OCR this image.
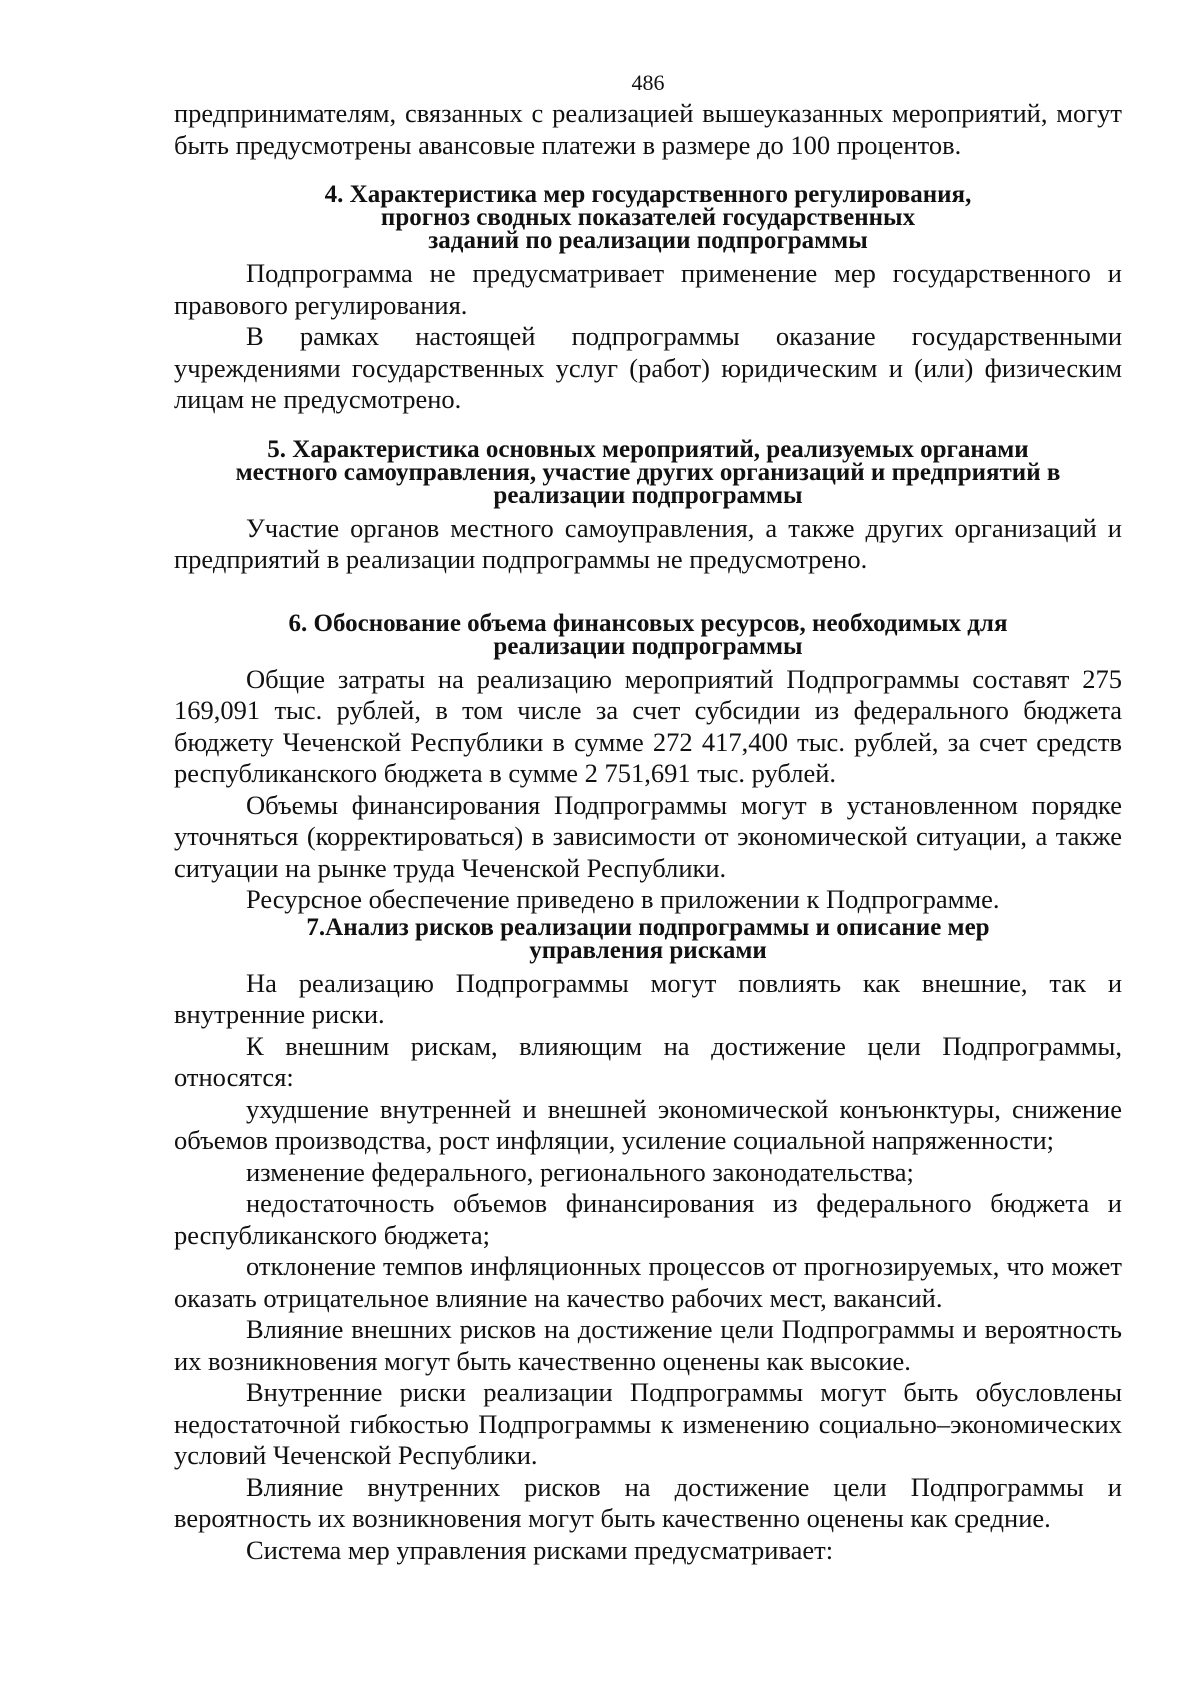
486

предпринимателям, связанных с реализацией вышеуказанных мероприятий, могут быть предусмотрены авансовые платежи в размере до 100 процентов.

4. Характеристика мер государственного регулирования,
прогноз сводных показателей государственных
заданий по реализации подпрограммы

Подпрограмма не предусматривает применение мер государственного и правового регулирования.

В рамках настоящей подпрограммы оказание государственными учреждениями государственных услуг (работ) юридическим и (или) физическим лицам не предусмотрено.

5. Характеристика основных мероприятий, реализуемых органами
местного самоуправления, участие других организаций и предприятий в
реализации подпрограммы

Участие органов местного самоуправления, а также других организаций и предприятий в реализации подпрограммы не предусмотрено.

6. Обоснование объема финансовых ресурсов, необходимых для
реализации подпрограммы

Общие затраты на реализацию мероприятий Подпрограммы составят 275 169,091 тыс. рублей, в том числе за счет субсидии из федерального бюджета бюджету Чеченской Республики в сумме 272 417,400 тыс. рублей, за счет средств республиканского бюджета в сумме 2 751,691 тыс. рублей.

Объемы финансирования Подпрограммы могут в установленном порядке уточняться (корректироваться) в зависимости от экономической ситуации, а также ситуации на рынке труда Чеченской Республики.

Ресурсное обеспечение приведено в приложении к Подпрограмме.

7.Анализ рисков реализации подпрограммы и описание мер
управления рисками

На реализацию Подпрограммы могут повлиять как внешние, так и внутренние риски.

К внешним рискам, влияющим на достижение цели Подпрограммы, относятся:

ухудшение внутренней и внешней экономической конъюнктуры, снижение объемов производства, рост инфляции, усиление социальной напряженности;

изменение федерального, регионального законодательства;

недостаточность объемов финансирования из федерального бюджета и республиканского бюджета;

отклонение темпов инфляционных процессов от прогнозируемых, что может оказать отрицательное влияние на качество рабочих мест, вакансий.

Влияние внешних рисков на достижение цели Подпрограммы и вероятность их возникновения могут быть качественно оценены как высокие.

Внутренние риски реализации Подпрограммы могут быть обусловлены недостаточной гибкостью Подпрограммы к изменению социально–экономических условий Чеченской Республики.

Влияние внутренних рисков на достижение цели Подпрограммы и вероятность их возникновения могут быть качественно оценены как средние.

Система мер управления рисками предусматривает:
